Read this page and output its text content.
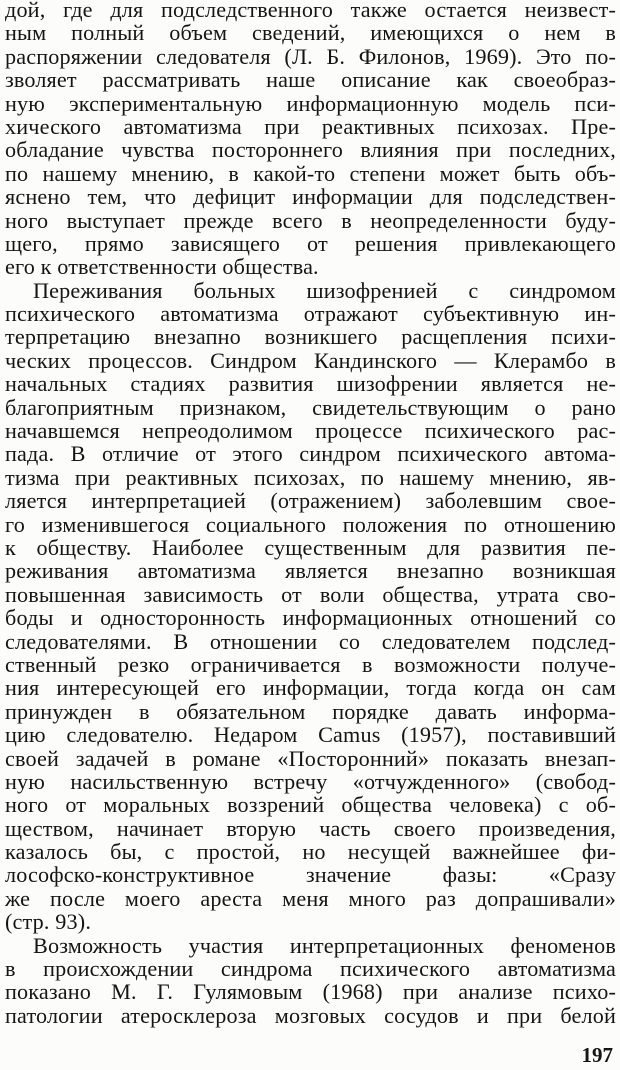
дой, где для подследственного также остается неизвест-
ным полный объем сведений, имеющихся о нем в
распоряжении следователя (Л. Б. Филонов, 1969). Это по-
зволяет рассматривать наше описание как своеобраз-
ную экспериментальную информационную модель пси-
хического автоматизма при реактивных психозах. Пре-
обладание чувства постороннего влияния при последних,
по нашему мнению, в какой-то степени может быть объ-
яснено тем, что дефицит информации для подследствен-
ного выступает прежде всего в неопределенности буду-
щего, прямо зависящего от решения привлекающего
его к ответственности общества.
Переживания больных шизофренией с синдромом
психического автоматизма отражают субъективную ин-
терпретацию внезапно возникшего расщепления психи-
ческих процессов. Синдром Кандинского — Клерамбо в
начальных стадиях развития шизофрении является не-
благоприятным признаком, свидетельствующим о рано
начавшемся непреодолимом процессе психического рас-
пада. В отличие от этого синдром психического автома-
тизма при реактивных психозах, по нашему мнению, яв-
ляется интерпретацией (отражением) заболевшим свое-
го изменившегося социального положения по отношению
к обществу. Наиболее существенным для развития пе-
реживания автоматизма является внезапно возникшая
повышенная зависимость от воли общества, утрата сво-
боды и односторонность информационных отношений со
следователями. В отношении со следователем подслед-
ственный резко ограничивается в возможности получе-
ния интересующей его информации, тогда когда он сам
принужден в обязательном порядке давать информа-
цию следователю. Недаром Camus (1957), поставивший
своей задачей в романе «Посторонний» показать внезап-
ную насильственную встречу «отчужденного» (свобод-
ного от моральных воззрений общества человека) с об-
ществом, начинает вторую часть своего произведения,
казалось бы, с простой, но несущей важнейшее фи-
лософско-конструктивное значение фазы: «Сразу
же после моего ареста меня много раз допрашивали»
(стр. 93).
Возможность участия интерпретационных феноменов
в происхождении синдрома психического автоматизма
показано М. Г. Гулямовым (1968) при анализе психо-
патологии атеросклероза мозговых сосудов и при белой
197
